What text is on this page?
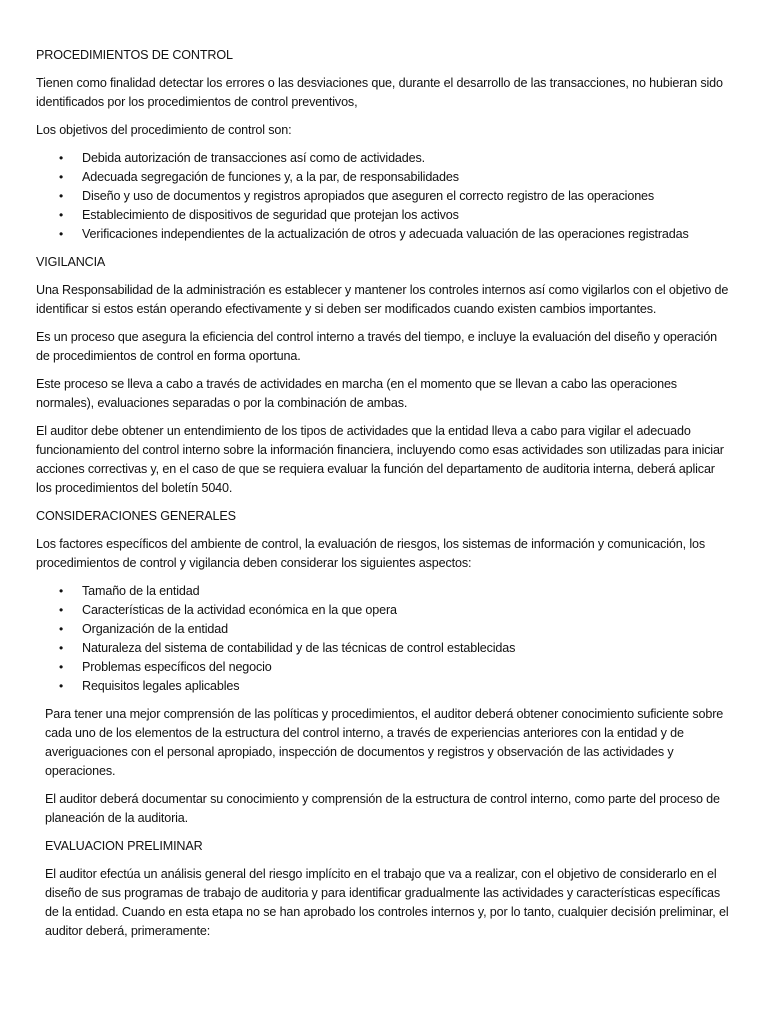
PROCEDIMIENTOS DE CONTROL

Tienen como finalidad detectar los errores o las desviaciones que, durante el desarrollo de las transacciones, no hubieran sido identificados por los procedimientos de control preventivos,

Los objetivos del procedimiento de control son:

• Debida autorización de transacciones así como de actividades.
• Adecuada segregación de funciones y, a la par, de responsabilidades
• Diseño y uso de documentos y registros apropiados que aseguren el correcto registro de las operaciones
• Establecimiento de dispositivos de seguridad que protejan los activos
• Verificaciones independientes de la actualización de otros y adecuada valuación de las operaciones registradas

VIGILANCIA

Una Responsabilidad de la administración es establecer y mantener los controles internos así como vigilarlos con el objetivo de identificar si estos están operando efectivamente y si deben ser modificados cuando existen cambios importantes.

Es un proceso que asegura la eficiencia del control interno a través del tiempo, e incluye la evaluación del diseño y operación de procedimientos de control en forma oportuna.

Este proceso se lleva a cabo a través de actividades en marcha (en el momento que se llevan a cabo las operaciones normales), evaluaciones separadas o por la combinación de ambas.

El auditor debe obtener un entendimiento de los tipos de actividades que la entidad lleva a cabo para vigilar el adecuado funcionamiento del control interno sobre la información financiera, incluyendo como esas actividades son utilizadas para iniciar acciones correctivas y, en el caso de que se requiera evaluar la función del departamento de auditoria interna, deberá aplicar los procedimientos del boletín 5040.

CONSIDERACIONES GENERALES

Los factores específicos del ambiente de control, la evaluación de riesgos, los sistemas de información y comunicación, los procedimientos de control y vigilancia deben considerar los siguientes aspectos:

• Tamaño de la entidad
• Características de la actividad económica en la que opera
• Organización de la entidad
• Naturaleza del sistema de contabilidad y de las técnicas de control establecidas
• Problemas específicos del negocio
• Requisitos legales aplicables

Para tener una mejor comprensión de las políticas y procedimientos, el auditor deberá obtener conocimiento suficiente sobre cada uno de los elementos de la estructura del control interno, a través de experiencias anteriores con la entidad y de averiguaciones con el personal apropiado, inspección de documentos y registros y observación de las actividades y operaciones.

El auditor deberá documentar su conocimiento y comprensión de la estructura de control interno, como parte del proceso de planeación de la auditoria.

EVALUACION PRELIMINAR

El auditor efectúa un análisis general del riesgo implícito en el trabajo que va a realizar, con el objetivo de considerarlo en el diseño de sus programas de trabajo de auditoria y para identificar gradualmente las actividades y características específicas de la entidad. Cuando en esta etapa no se han aprobado los controles internos y, por lo tanto, cualquier decisión preliminar, el auditor deberá, primeramente:
